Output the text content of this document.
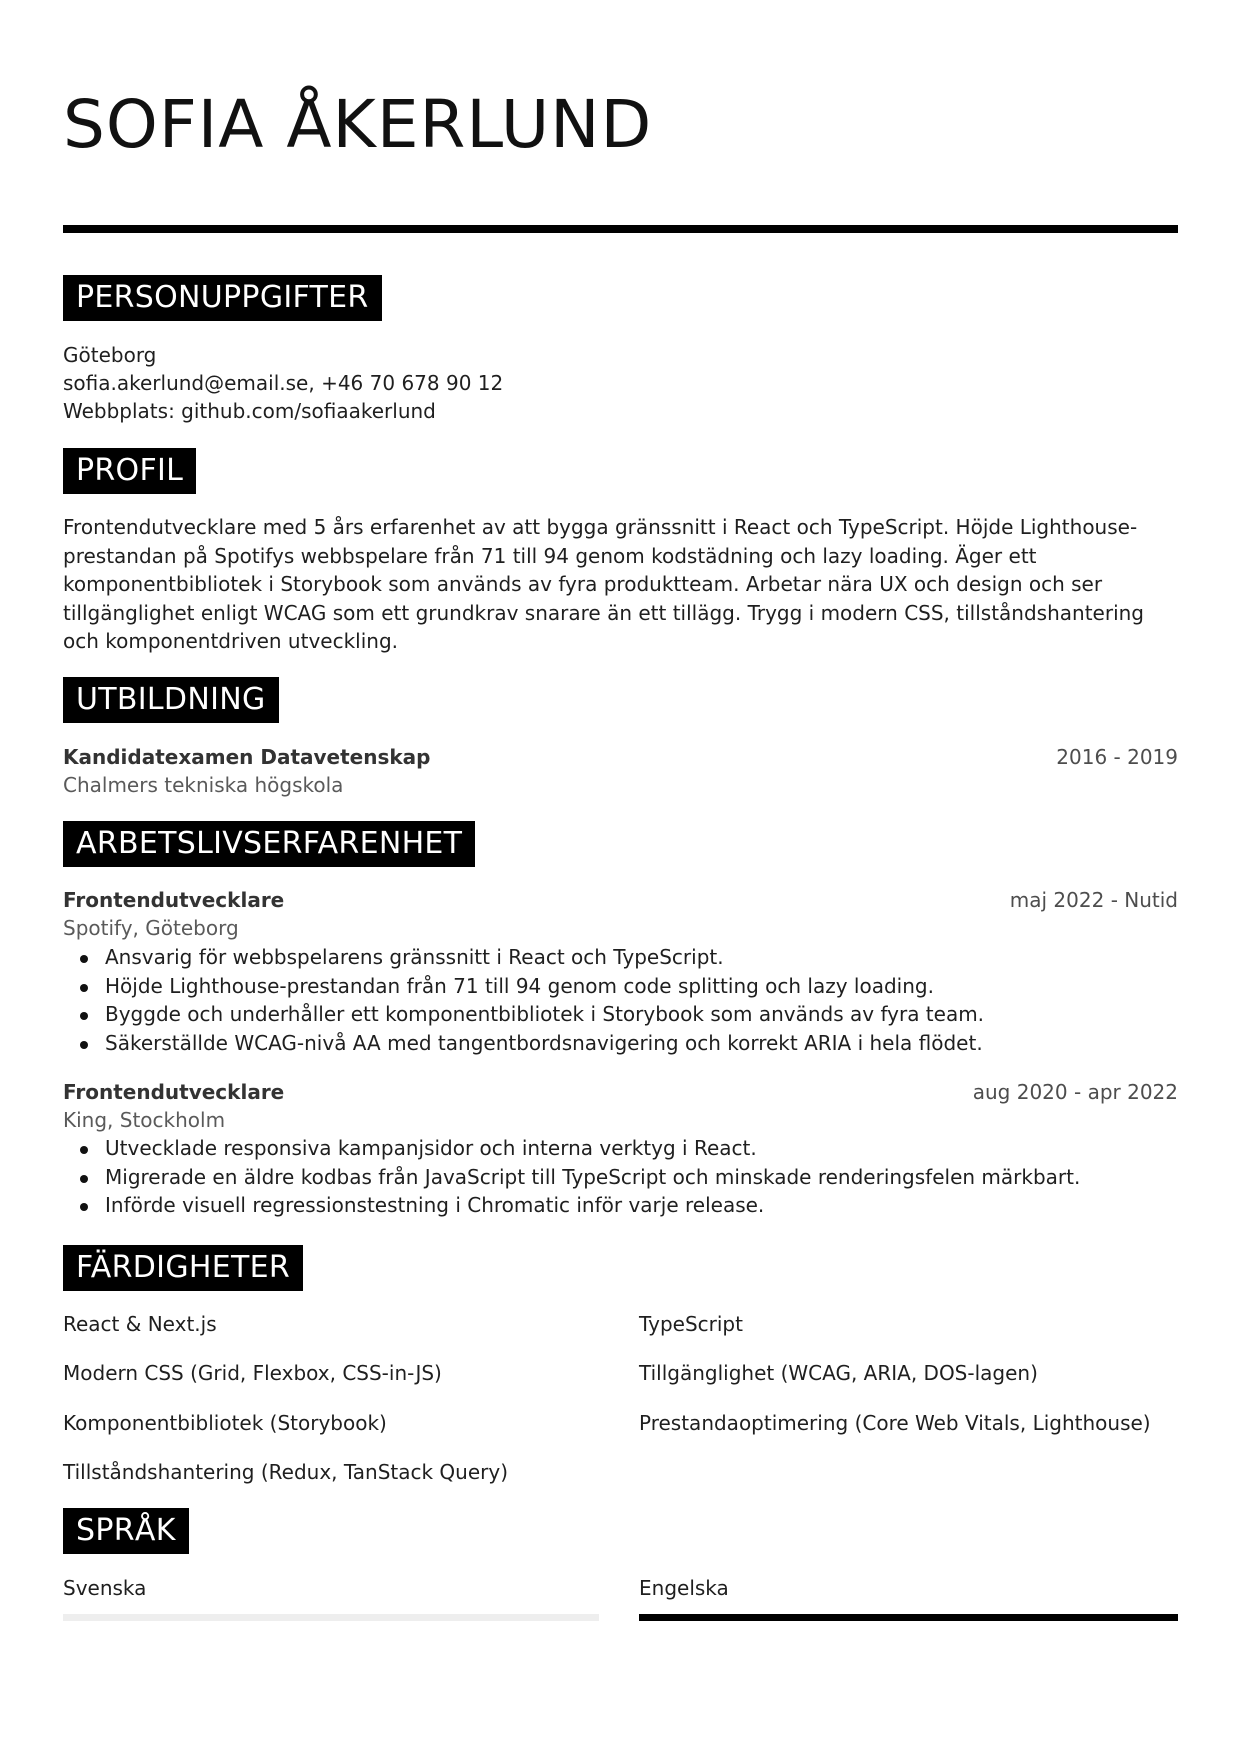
SOFIA ÅKERLUND
PERSONUPPGIFTER
Göteborg
sofia.akerlund@email.se, +46 70 678 90 12
Webbplats: github.com/sofiaakerlund
PROFIL
Frontendutvecklare med 5 års erfarenhet av att bygga gränssnitt i React och TypeScript. Höjde Lighthouse-prestandan på Spotifys webbspelare från 71 till 94 genom kodstädning och lazy loading. Äger ett komponentbibliotek i Storybook som används av fyra produktteam. Arbetar nära UX och design och ser tillgänglighet enligt WCAG som ett grundkrav snarare än ett tillägg. Trygg i modern CSS, tillståndshantering och komponentdriven utveckling.
UTBILDNING
Kandidatexamen Datavetenskap	2016 - 2019
Chalmers tekniska högskola
ARBETSLIVSERFARENHET
Frontendutvecklare	maj 2022 - Nutid
Spotify, Göteborg
Ansvarig för webbspelarens gränssnitt i React och TypeScript.
Höjde Lighthouse-prestandan från 71 till 94 genom code splitting och lazy loading.
Byggde och underhåller ett komponentbibliotek i Storybook som används av fyra team.
Säkerställde WCAG-nivå AA med tangentbordsnavigering och korrekt ARIA i hela flödet.
Frontendutvecklare	aug 2020 - apr 2022
King, Stockholm
Utvecklade responsiva kampanjsidor och interna verktyg i React.
Migrerade en äldre kodbas från JavaScript till TypeScript och minskade renderingsfelen märkbart.
Införde visuell regressionstestning i Chromatic inför varje release.
FÄRDIGHETER
React & Next.js	TypeScript
Modern CSS (Grid, Flexbox, CSS-in-JS)	Tillgänglighet (WCAG, ARIA, DOS-lagen)
Komponentbibliotek (Storybook)	Prestandaoptimering (Core Web Vitals, Lighthouse)
Tillståndshantering (Redux, TanStack Query)
SPRÅK
Svenska	Engelska
